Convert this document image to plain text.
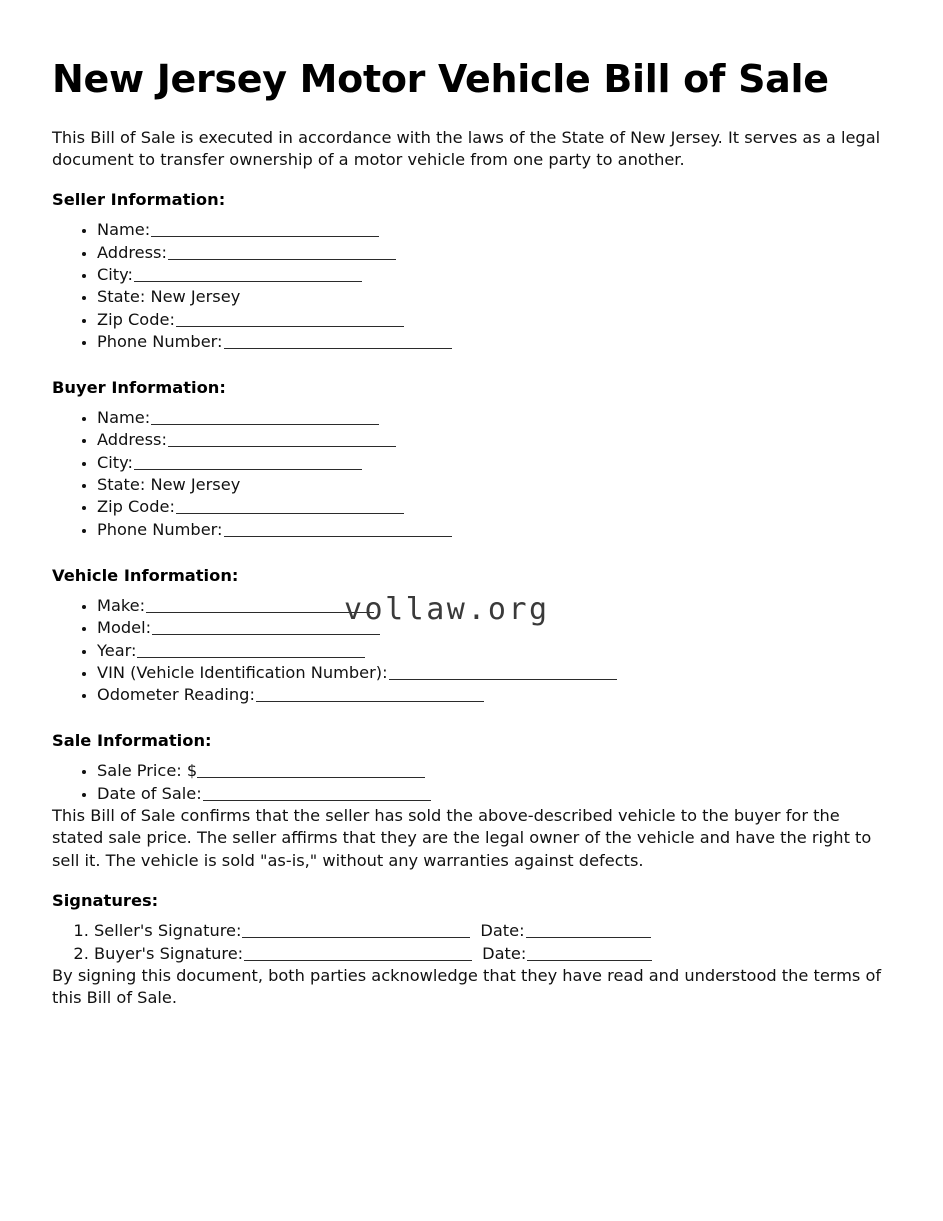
New Jersey Motor Vehicle Bill of Sale

This Bill of Sale is executed in accordance with the laws of the State of New Jersey. It serves as a legal document to transfer ownership of a motor vehicle from one party to another.

Seller Information:
• Name:
• Address:
• City:
• State: New Jersey
• Zip Code:
• Phone Number:
Buyer Information:
• Name:
• Address:
• City:
• State: New Jersey
• Zip Code:
• Phone Number:
Vehicle Information:
• Make:
• Model:
• Year:
• VIN (Vehicle Identification Number):
• Odometer Reading:
Sale Information:
• Sale Price: $
• Date of Sale:

This Bill of Sale confirms that the seller has sold the above-described vehicle to the buyer for the stated sale price. The seller affirms that they are the legal owner of the vehicle and have the right to sell it. The vehicle is sold "as-is," without any warranties against defects.

Signatures:
1. Seller's Signature:	Date:
2. Buyer's Signature:	Date:

By signing this document, both parties acknowledge that they have read and understood the terms of this Bill of Sale.

vollaw.org
